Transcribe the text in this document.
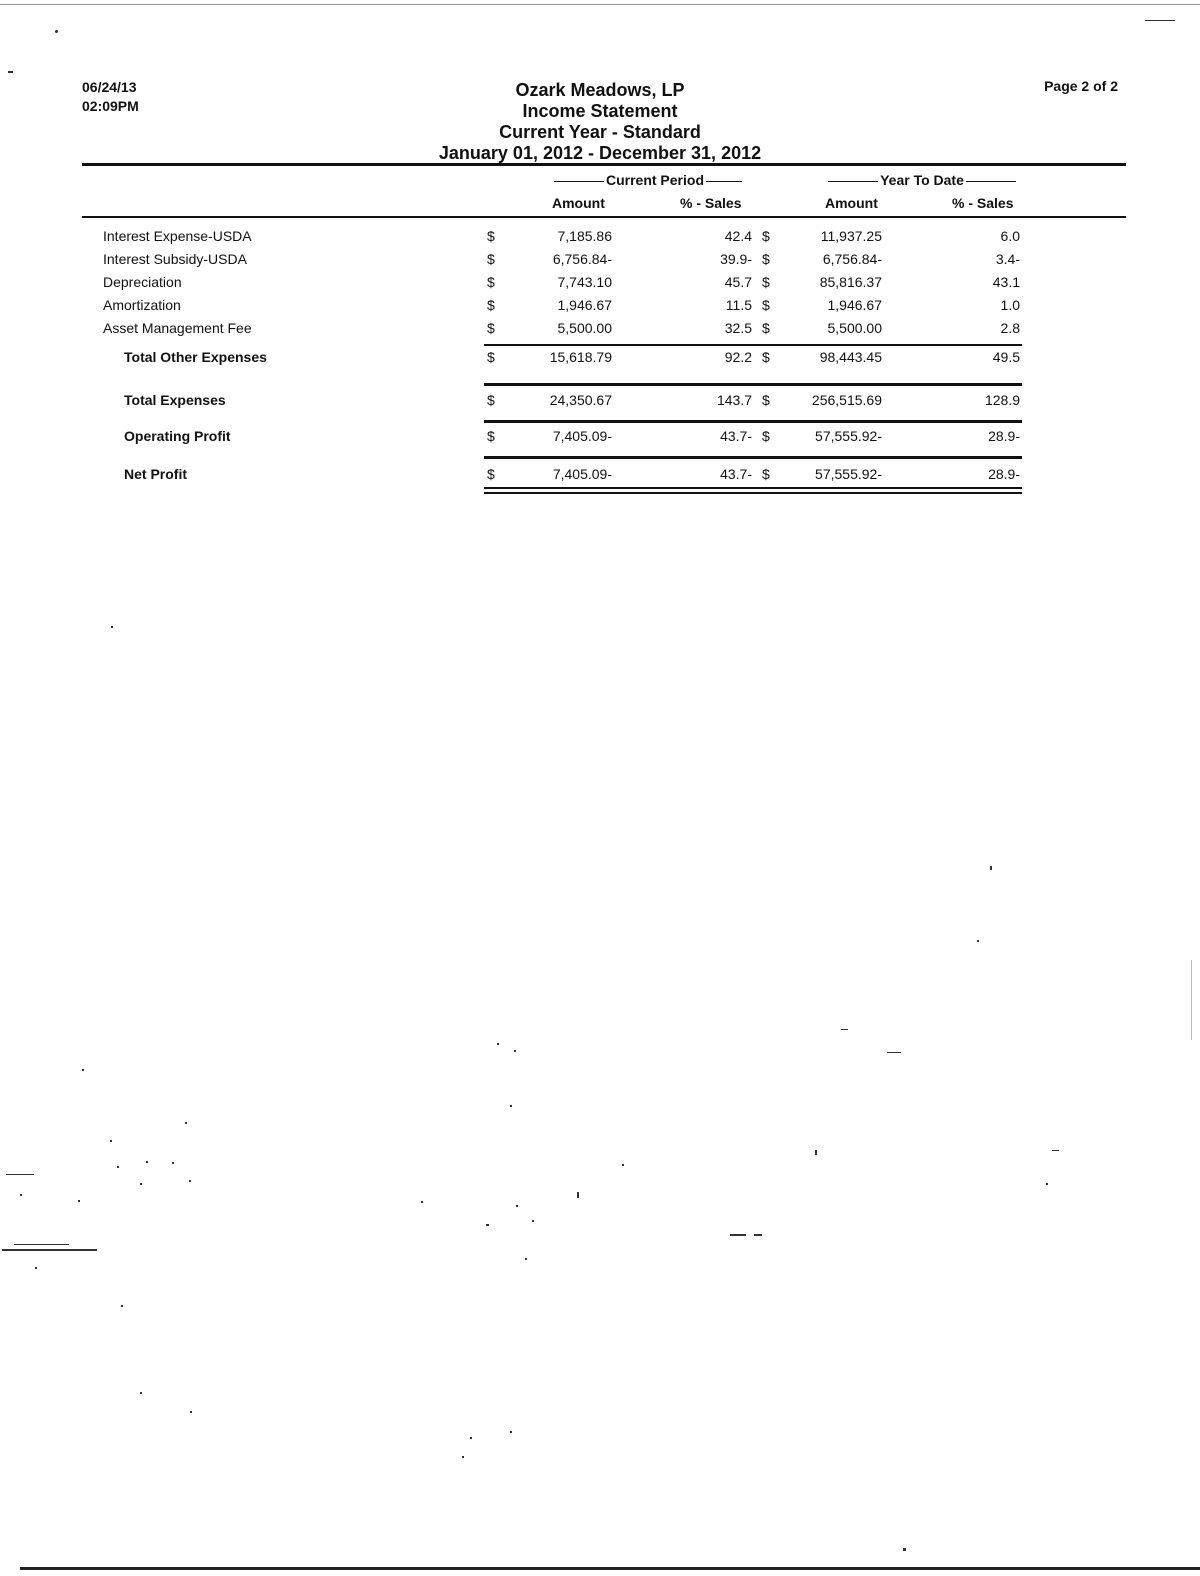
06/24/13
02:09PM
Page 2 of 2
Ozark Meadows, LP
Income Statement
Current Year - Standard
January 01, 2012 - December 31, 2012
Current Period	Year To Date
Amount	% - Sales	Amount	% - Sales
Interest Expense-USDA	$	7,185.86	42.4 $	11,937.25	6.0
Interest Subsidy-USDA	$	6,756.84-	39.9- $	6,756.84-	3.4-
Depreciation	$	7,743.10	45.7 $	85,816.37	43.1
Amortization	$	1,946.67	11.5 $	1,946.67	1.0
Asset Management Fee	$	5,500.00	32.5 $	5,500.00	2.8
Total Other Expenses	$	15,618.79	92.2 $	98,443.45	49.5
Total Expenses	$	24,350.67	143.7 $	256,515.69	128.9
Operating Profit	$	7,405.09-	43.7- $	57,555.92-	28.9-
Net Profit	$	7,405.09-	43.7- $	57,555.92-	28.9-
